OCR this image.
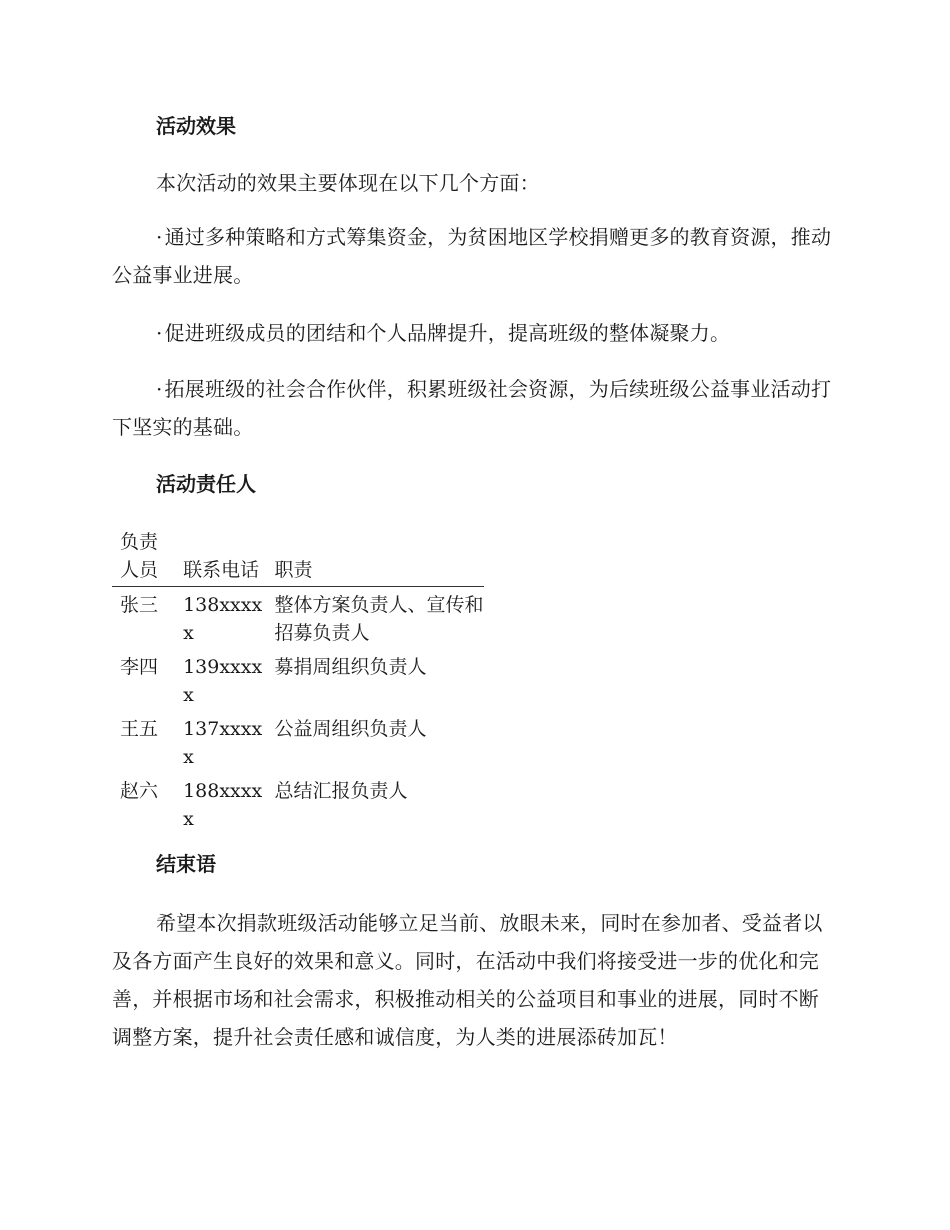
活动效果

本次活动的效果主要体现在以下几个方面：

· 通过多种策略和方式筹集资金，为贫困地区学校捐赠更多的教育资源，推动公益事业进展。

· 促进班级成员的团结和个人品牌提升，提高班级的整体凝聚力。

· 拓展班级的社会合作伙伴，积累班级社会资源，为后续班级公益事业活动打下坚实的基础。

活动责任人
负责人员	联系电话	职责
张三	138xxxxx	整体方案负责人、宣传和招募负责人
李四	139xxxxx	募捐周组织负责人
王五	137xxxxx	公益周组织负责人
赵六	188xxxxx	总结汇报负责人
结束语

希望本次捐款班级活动能够立足当前、放眼未来，同时在参加者、受益者以及各方面产生良好的效果和意义。同时，在活动中我们将接受进一步的优化和完善，并根据市场和社会需求，积极推动相关的公益项目和事业的进展，同时不断调整方案，提升社会责任感和诚信度，为人类的进展添砖加瓦！
